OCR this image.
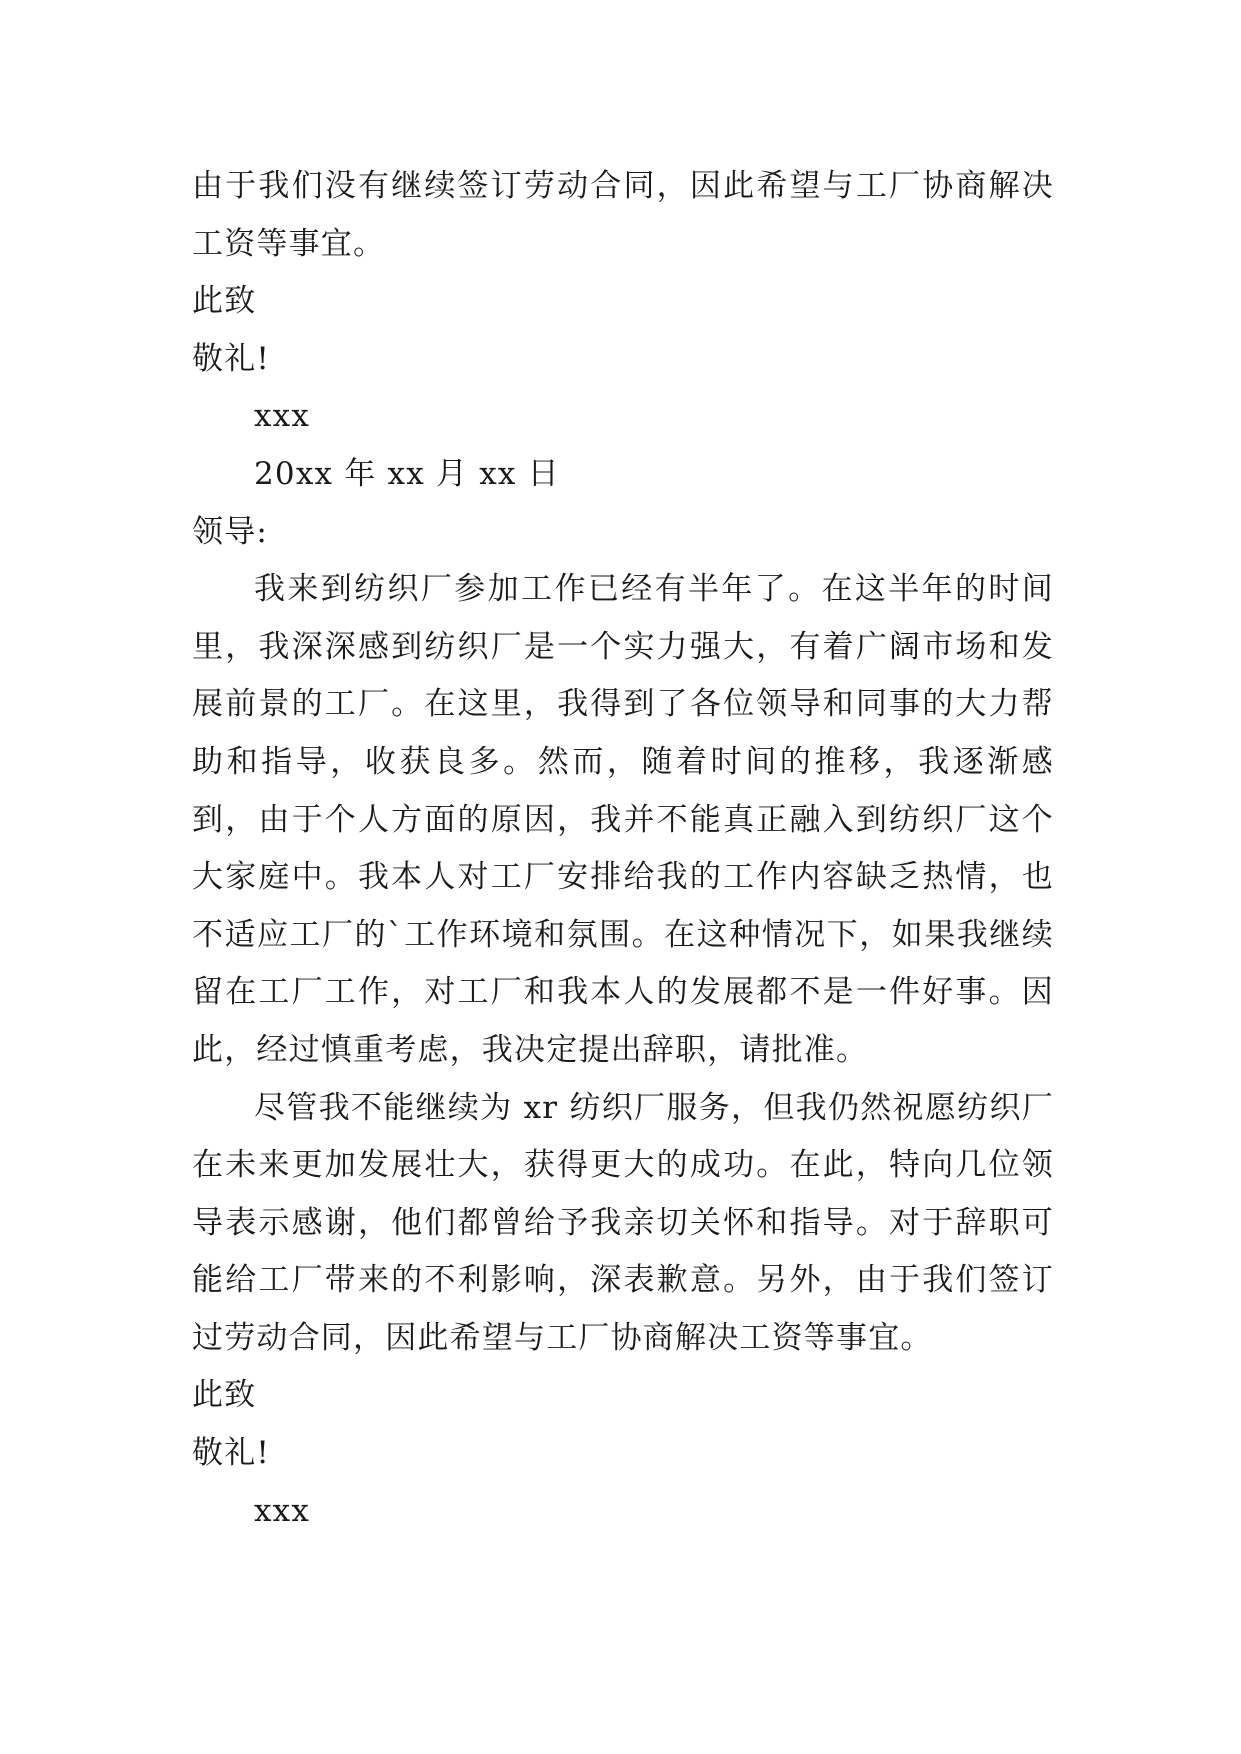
由于我们没有继续签订劳动合同，因此希望与工厂协商解决工资等事宜。

此致

敬礼!

xxx

20xx 年 xx 月 xx 日

领导:

我来到纺织厂参加工作已经有半年了。在这半年的时间里，我深深感到纺织厂是一个实力强大，有着广阔市场和发展前景的工厂。在这里，我得到了各位领导和同事的大力帮助和指导，收获良多。然而，随着时间的推移，我逐渐感到，由于个人方面的原因，我并不能真正融入到纺织厂这个大家庭中。我本人对工厂安排给我的工作内容缺乏热情，也不适应工厂的`工作环境和氛围。在这种情况下，如果我继续留在工厂工作，对工厂和我本人的发展都不是一件好事。因此，经过慎重考虑，我决定提出辞职，请批准。

尽管我不能继续为 xr 纺织厂服务，但我仍然祝愿纺织厂在未来更加发展壮大，获得更大的成功。在此，特向几位领导表示感谢，他们都曾给予我亲切关怀和指导。对于辞职可能给工厂带来的不利影响，深表歉意。另外，由于我们签订过劳动合同，因此希望与工厂协商解决工资等事宜。

此致

敬礼!

xxx
